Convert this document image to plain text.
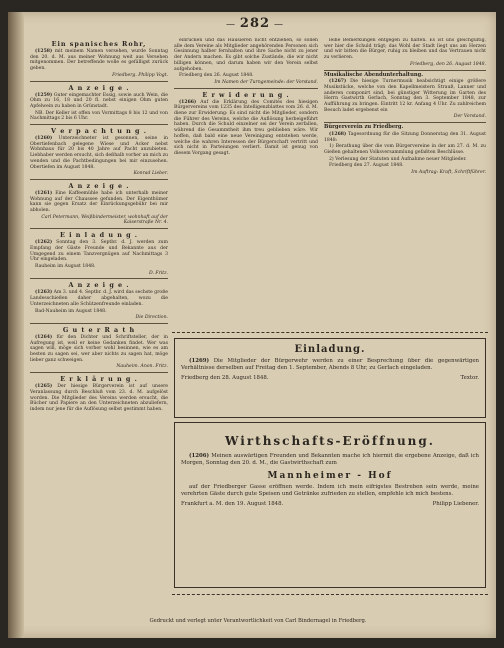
— 282 —
Ein spanisches Rohr,

(1258) mit meinem Namen versehen, wurde Sonntag den 20. d. M. aus meiner Wohnung weit aus Versehen mitgenommen. Der betreffende wolle es gefälligst zurück geben.

Friedberg. Philipp Vogt.

A n z e i g e .

(1259) Guter eingemachter Essig, sowie auch Wein, die Ohm zu 16, 18 und 20 fl. nebst einigen Ohm guten Apfelwein zu haben in Grünstadt.

NB. Der Keller ist offen von Vormittags 8 bis 12 und von Nachmittags 2 bis 6 Uhr.

V e r p a c h t u n g .

(1260) Unterzeichneter ist gesonnen, seine in Obertiefenbach gelegene Wiese und Acker nebst Wohnhaus für 20 bis 40 Jahre auf Pacht anzubieten. Liebhaber werden ersucht, sich deßhalb vorher an mich zu wenden und die Pachtbedingungen bei mir einzusehen. Obertiefen im August 1848.

Konrad Lieber.

A n z e i g e .

(1261) Eine Kaffeemühle habe ich unterhalb meiner Wohnung auf der Chaussee gefunden. Der Eigenthümer kann sie gegen Ersatz der Einrückungsgebühr bei mir abholen.

Carl Petermann, Weißbindermeister, wohnhaft auf der Kaiserstraße Nr. 4.

E i n l a d u n g .

(1262) Sonntag den 3. Septbr. d. J. werden zum Empfang der Gäste Freunde und Bekannte aus der Umgegend zu einem Tanzvergnügen auf Nachmittags 3 Uhr eingeladen.

Rauheim im August 1848.

D. Fritz.

A n z e i g e .

(1263) Am 3. und 4. Septbr. d. J. wird das sechste große Landesschießen daher abgehalten, wozu die Unterzeichneten alle Schützenfreunde einladen.

Bad-Nauheim im August 1848.

Die Direction.

G u t e r R a t h

(1264) für den Dichter und Schriftsteller, der in Aufregung ist, weil er keine Gedanken findet. Wer was sagen will, möge sich vorher wohl besinnen, wie es am besten zu sagen sei, wer aber nichts zu sagen hat, möge lieber ganz schweigen.

Nauheim. Anon. Fritz.

E r k l ä r u n g .

(1265) Der hiesige Bürgerverein ist auf unsere Veranlassung durch Beschluß vom 23. d. M. aufgelöst worden. Die Mitglieder des Vereins werden ersucht, die Bücher und Papiere an den Unterzeichneten abzuliefern, indem nur jene für die Auflösung selbst gestimmt haben.

einrücken und das Hausieren nicht entziehen, so sollen alle dem Vereine als Mitglieder angehörenden Personen sich Gesinnung halber fernhalten und ihre Sache nicht zu jener der Andern machen. Es gibt solche Zustände, die wir nicht billigen können, und darum haben wir den Verein selbst aufgehoben.

Friedberg den 26. August 1848.

Im Namen der Turngemeinde: der Vorstand.

E r w i d e r u n g .

(1266) Auf die Erklärung des Comités des hiesigen Bürgervereins vom 1235 des Intelligenzblattes vom 26. d. M. diene zur Erwiderung: Es sind nicht die Mitglieder, sondern die Führer des Vereins, welche die Auflösung herbeigeführt haben. Durch die Schuld einzelner sei der Verein zerfallen, während die Gesammtheit ihm treu geblieben wäre. Wir hoffen, daß bald eine neue Vereinigung entstehen werde, welche die wahren Interessen der Bürgerschaft vertritt und sich nicht in Parteiungen verliert. Damit ist genug von diesem Vorgang gesagt.

leihe Bemerkungen entgegen zu halten. Es ist uns gleichgültig, wer hier die Schuld trägt; das Wohl der Stadt liegt uns am Herzen und wir bitten die Bürger, ruhig zu bleiben und das Vertrauen nicht zu verlieren.

Friedberg, den 26. August 1848.

Musikalische Abendunterhaltung.

(1267) Die hiesige Turnermusik beabsichtigt einige größere Musikstücke, welche von den Kapellmeistern Strauß, Lanner und anderen componirt sind, bei günstiger Witterung im Garten des Herrn Gastwirth Gerlach, Sonntag den 3. September 1848, zur Aufführung zu bringen. Eintritt 12 kr. Anfang 4 Uhr. Zu zahlreichem Besuch ladet ergebenst ein

Der Vorstand.

Bürgerverein zu Friedberg.

(1268) Tagesordnung für die Sitzung Donnerstag den 31. August 1848:

1) Berathung über die vom Bürgervereine in der am 27. d. M. zu Gießen gehaltenen Volksversammlung gefaßten Beschlüsse.

2) Verlesung der Statuten und Aufnahme neuer Mitglieder.

Friedberg den 27. August 1848.

Im Auftrag: Kraft, Schriftführer.

Einladung.

(1269) Die Mitglieder der Bürgerwehr werden zu einer Besprechung über die gegenwärtigen Verhältnisse derselben auf Freitag den 1. September, Abends 8 Uhr, zu Gerlach eingeladen.

Friedberg den 28. August 1848.	Textor.
Wirthschafts-Eröffnung.

(1206) Meinen auswärtigen Freunden und Bekannten mache ich hiermit die ergebene Anzeige, daß ich Morgen, Sonntag den 20. d. M., die Gastwirthschaft zum

Mannheimer - Hof

auf der Friedberger Gasse eröffnen werde. Indem ich mein eifrigstes Bestreben sein werde, meine verehrten Gäste durch gute Speisen und Getränke zufrieden zu stellen, empfehle ich mich bestens.

Frankfurt a. M. den 19. August 1848.	Philipp Liebener.
Gedruckt und verlegt unter Verantwortlichkeit von Carl Bindernagel in Friedberg.
